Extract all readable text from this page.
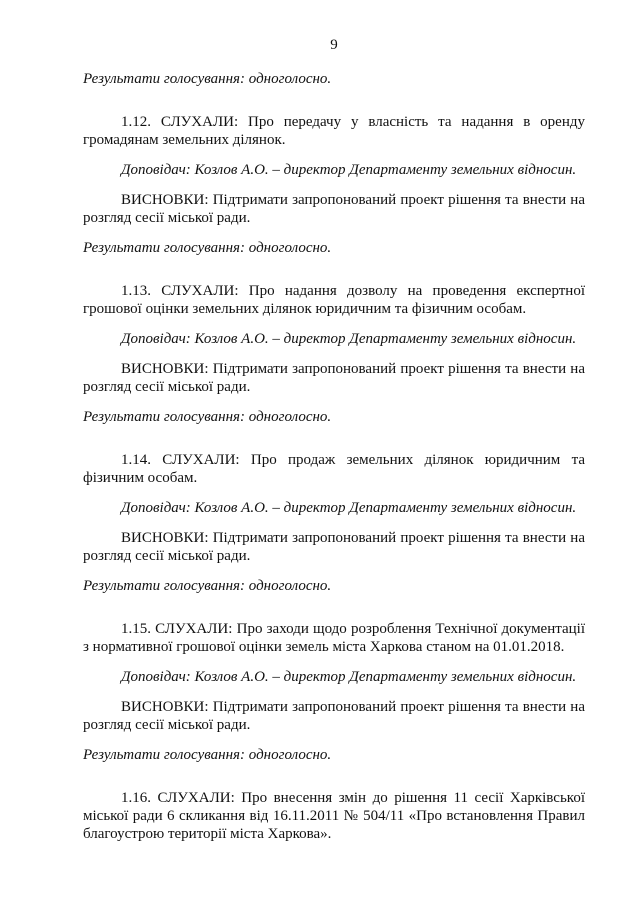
9

Результати голосування: одноголосно.

1.12. СЛУХАЛИ: Про передачу у власність та надання в оренду громадянам земельних ділянок.

Доповідач: Козлов А.О. – директор Департаменту земельних відносин.

ВИСНОВКИ: Підтримати запропонований проект рішення та внести на розгляд сесії міської ради.

Результати голосування: одноголосно.

1.13. СЛУХАЛИ: Про надання дозволу на проведення експертної грошової оцінки земельних ділянок юридичним та фізичним особам.

Доповідач: Козлов А.О. – директор Департаменту земельних відносин.

ВИСНОВКИ: Підтримати запропонований проект рішення та внести на розгляд сесії міської ради.

Результати голосування: одноголосно.

1.14. СЛУХАЛИ: Про продаж земельних ділянок юридичним та фізичним особам.

Доповідач: Козлов А.О. – директор Департаменту земельних відносин.

ВИСНОВКИ: Підтримати запропонований проект рішення та внести на розгляд сесії міської ради.

Результати голосування: одноголосно.

1.15. СЛУХАЛИ: Про заходи щодо розроблення Технічної документації з нормативної грошової оцінки земель міста Харкова станом на 01.01.2018.

Доповідач: Козлов А.О. – директор Департаменту земельних відносин.

ВИСНОВКИ: Підтримати запропонований проект рішення та внести на розгляд сесії міської ради.

Результати голосування: одноголосно.

1.16. СЛУХАЛИ: Про внесення змін до рішення 11 сесії Харківської міської ради 6 скликання від 16.11.2011 № 504/11 «Про встановлення Правил благоустрою території міста Харкова».
